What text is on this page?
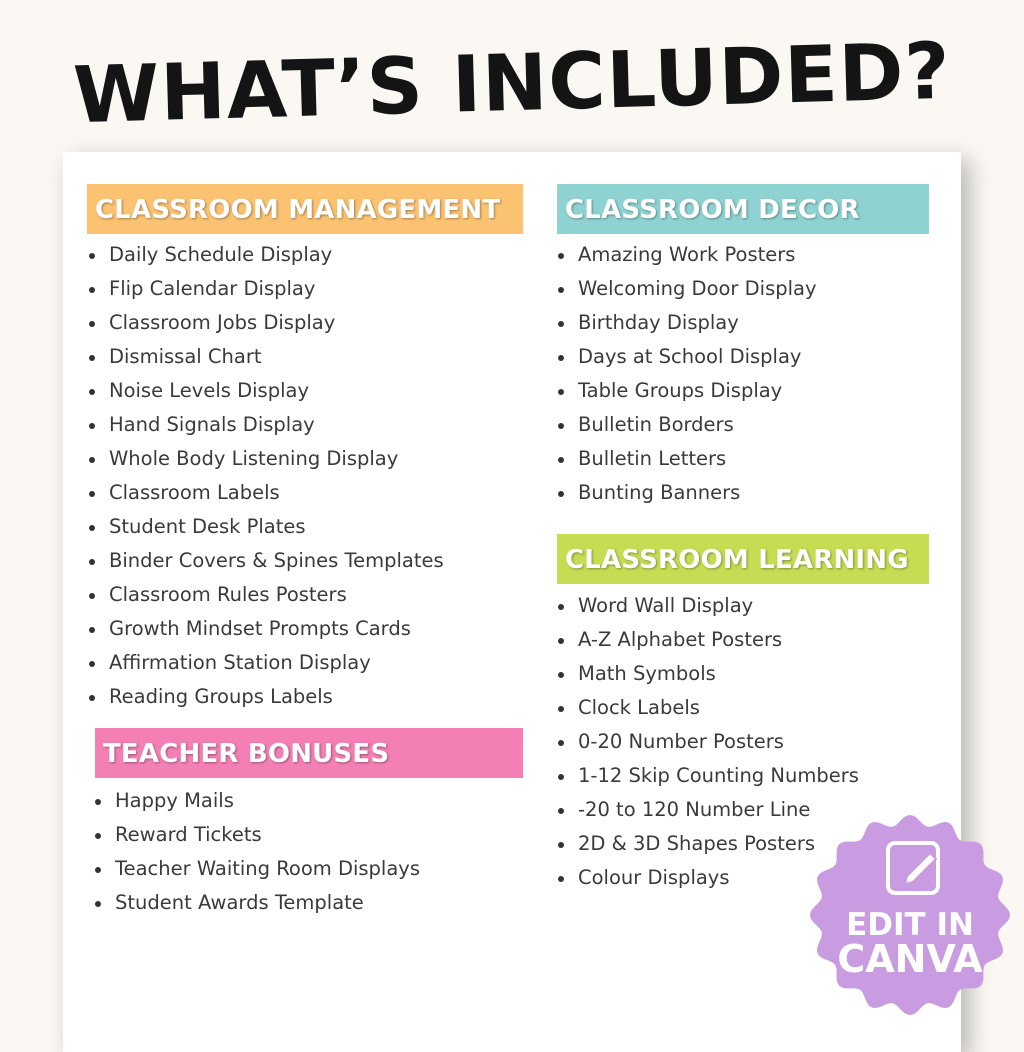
WHAT’S INCLUDED?
CLASSROOM MANAGEMENT
Daily Schedule Display
Flip Calendar Display
Classroom Jobs Display
Dismissal Chart
Noise Levels Display
Hand Signals Display
Whole Body Listening Display
Classroom Labels
Student Desk Plates
Binder Covers & Spines Templates
Classroom Rules Posters
Growth Mindset Prompts Cards
Affirmation Station Display
Reading Groups Labels
TEACHER BONUSES
Happy Mails
Reward Tickets
Teacher Waiting Room Displays
Student Awards Template
CLASSROOM DECOR
Amazing Work Posters
Welcoming Door Display
Birthday Display
Days at School Display
Table Groups Display
Bulletin Borders
Bulletin Letters
Bunting Banners
CLASSROOM LEARNING
Word Wall Display
A-Z Alphabet Posters
Math Symbols
Clock Labels
0-20 Number Posters
1-12 Skip Counting Numbers
-20 to 120 Number Line
2D & 3D Shapes Posters
Colour Displays
EDIT IN
CANVA
